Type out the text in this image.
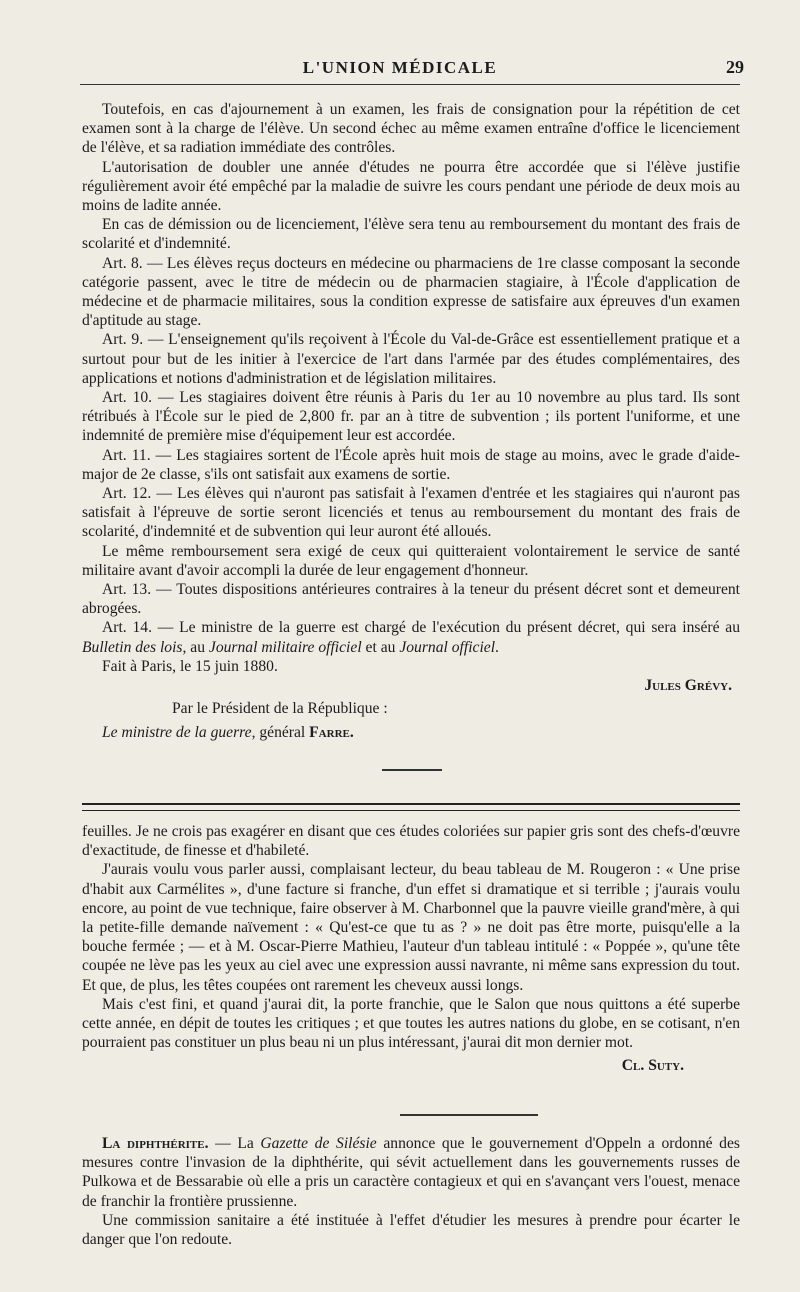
L'UNION MÉDICALE	29

Toutefois, en cas d'ajournement à un examen, les frais de consignation pour la répétition de cet examen sont à la charge de l'élève. Un second échec au même examen entraîne d'office le licenciement de l'élève, et sa radiation immédiate des contrôles.

L'autorisation de doubler une année d'études ne pourra être accordée que si l'élève justifie régulièrement avoir été empêché par la maladie de suivre les cours pendant une période de deux mois au moins de ladite année.

En cas de démission ou de licenciement, l'élève sera tenu au remboursement du montant des frais de scolarité et d'indemnité.

Art. 8. — Les élèves reçus docteurs en médecine ou pharmaciens de 1re classe composant la seconde catégorie passent, avec le titre de médecin ou de pharmacien stagiaire, à l'École d'application de médecine et de pharmacie militaires, sous la condition expresse de satisfaire aux épreuves d'un examen d'aptitude au stage.

Art. 9. — L'enseignement qu'ils reçoivent à l'École du Val-de-Grâce est essentiellement pratique et a surtout pour but de les initier à l'exercice de l'art dans l'armée par des études complémentaires, des applications et notions d'administration et de législation militaires.

Art. 10. — Les stagiaires doivent être réunis à Paris du 1er au 10 novembre au plus tard. Ils sont rétribués à l'École sur le pied de 2,800 fr. par an à titre de subvention ; ils portent l'uniforme, et une indemnité de première mise d'équipement leur est accordée.

Art. 11. — Les stagiaires sortent de l'École après huit mois de stage au moins, avec le grade d'aide-major de 2e classe, s'ils ont satisfait aux examens de sortie.

Art. 12. — Les élèves qui n'auront pas satisfait à l'examen d'entrée et les stagiaires qui n'auront pas satisfait à l'épreuve de sortie seront licenciés et tenus au remboursement du montant des frais de scolarité, d'indemnité et de subvention qui leur auront été alloués.

Le même remboursement sera exigé de ceux qui quitteraient volontairement le service de santé militaire avant d'avoir accompli la durée de leur engagement d'honneur.

Art. 13. — Toutes dispositions antérieures contraires à la teneur du présent décret sont et demeurent abrogées.

Art. 14. — Le ministre de la guerre est chargé de l'exécution du présent décret, qui sera inséré au Bulletin des lois, au Journal militaire officiel et au Journal officiel.

Fait à Paris, le 15 juin 1880.

Jules Grévy.

Par le Président de la République :

Le ministre de la guerre, général Farre.

feuilles. Je ne crois pas exagérer en disant que ces études coloriées sur papier gris sont des chefs-d'œuvre d'exactitude, de finesse et d'habileté.

J'aurais voulu vous parler aussi, complaisant lecteur, du beau tableau de M. Rougeron : « Une prise d'habit aux Carmélites », d'une facture si franche, d'un effet si dramatique et si terrible ; j'aurais voulu encore, au point de vue technique, faire observer à M. Charbonnel que la pauvre vieille grand'mère, à qui la petite-fille demande naïvement : « Qu'est-ce que tu as ? » ne doit pas être morte, puisqu'elle a la bouche fermée ; — et à M. Oscar-Pierre Mathieu, l'auteur d'un tableau intitulé : « Poppée », qu'une tête coupée ne lève pas les yeux au ciel avec une expression aussi navrante, ni même sans expression du tout. Et que, de plus, les têtes coupées ont rarement les cheveux aussi longs.

Mais c'est fini, et quand j'aurai dit, la porte franchie, que le Salon que nous quittons a été superbe cette année, en dépit de toutes les critiques ; et que toutes les autres nations du globe, en se cotisant, n'en pourraient pas constituer un plus beau ni un plus intéressant, j'aurai dit mon dernier mot.

Cl. Suty.

La diphthérite. — La Gazette de Silésie annonce que le gouvernement d'Oppeln a ordonné des mesures contre l'invasion de la diphthérite, qui sévit actuellement dans les gouvernements russes de Pulkowa et de Bessarabie où elle a pris un caractère contagieux et qui en s'avançant vers l'ouest, menace de franchir la frontière prussienne.

Une commission sanitaire a été instituée à l'effet d'étudier les mesures à prendre pour écarter le danger que l'on redoute.
